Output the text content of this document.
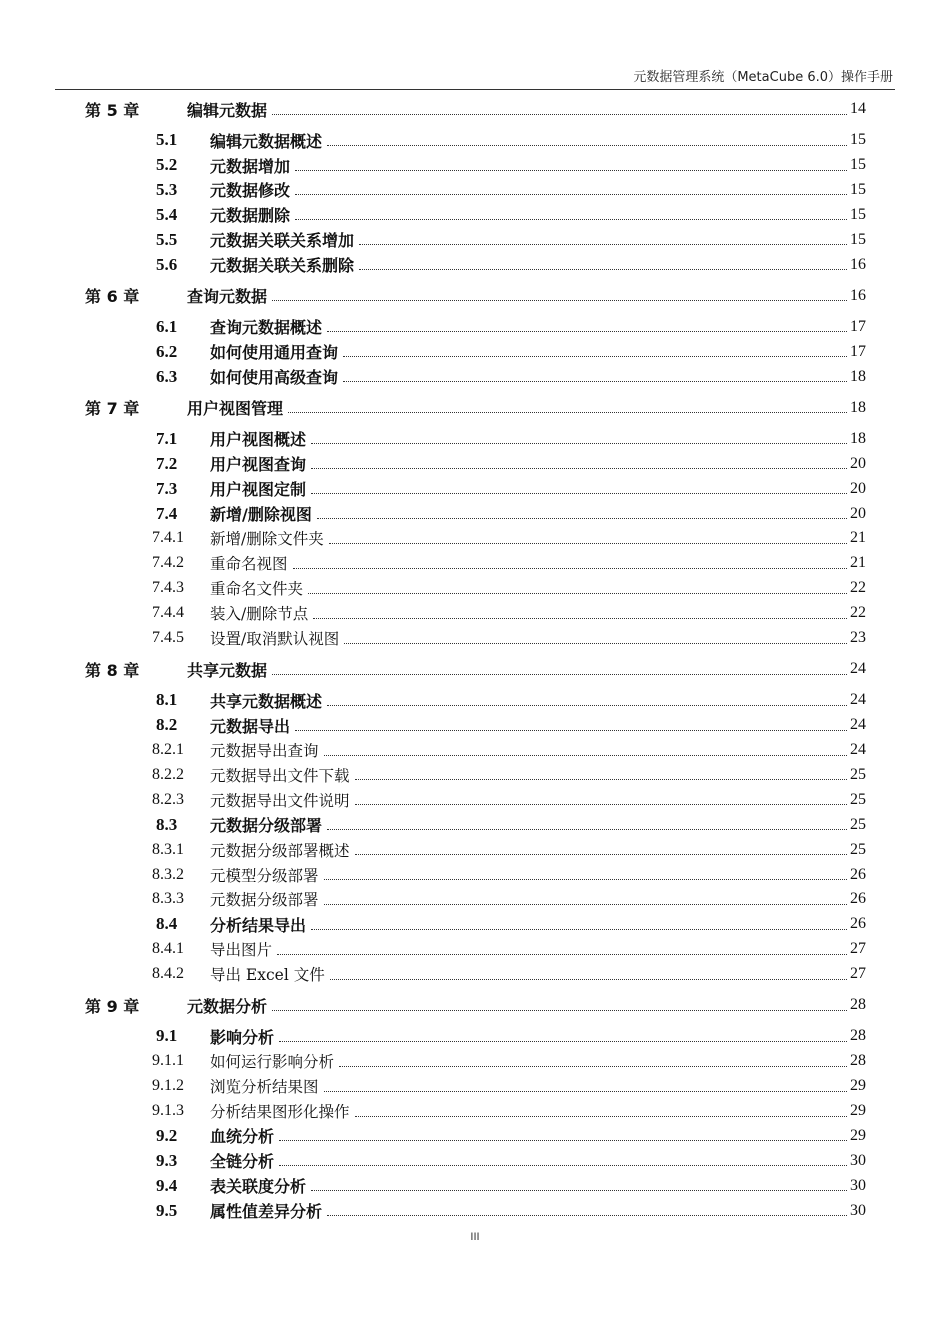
元数据管理系统（MetaCube 6.0）操作手册
第 5 章	编辑元数据	14
5.1	编辑元数据概述	15
5.2	元数据增加	15
5.3	元数据修改	15
5.4	元数据删除	15
5.5	元数据关联关系增加	15
5.6	元数据关联关系删除	16
第 6 章	查询元数据	16
6.1	查询元数据概述	17
6.2	如何使用通用查询	17
6.3	如何使用高级查询	18
第 7 章	用户视图管理	18
7.1	用户视图概述	18
7.2	用户视图查询	20
7.3	用户视图定制	20
7.4	新增/删除视图	20
7.4.1	新增/删除文件夹	21
7.4.2	重命名视图	21
7.4.3	重命名文件夹	22
7.4.4	装入/删除节点	22
7.4.5	设置/取消默认视图	23
第 8 章	共享元数据	24
8.1	共享元数据概述	24
8.2	元数据导出	24
8.2.1	元数据导出查询	24
8.2.2	元数据导出文件下载	25
8.2.3	元数据导出文件说明	25
8.3	元数据分级部署	25
8.3.1	元数据分级部署概述	25
8.3.2	元模型分级部署	26
8.3.3	元数据分级部署	26
8.4	分析结果导出	26
8.4.1	导出图片	27
8.4.2	导出 Excel 文件	27
第 9 章	元数据分析	28
9.1	影响分析	28
9.1.1	如何运行影响分析	28
9.1.2	浏览分析结果图	29
9.1.3	分析结果图形化操作	29
9.2	血统分析	29
9.3	全链分析	30
9.4	表关联度分析	30
9.5	属性值差异分析	30
III
